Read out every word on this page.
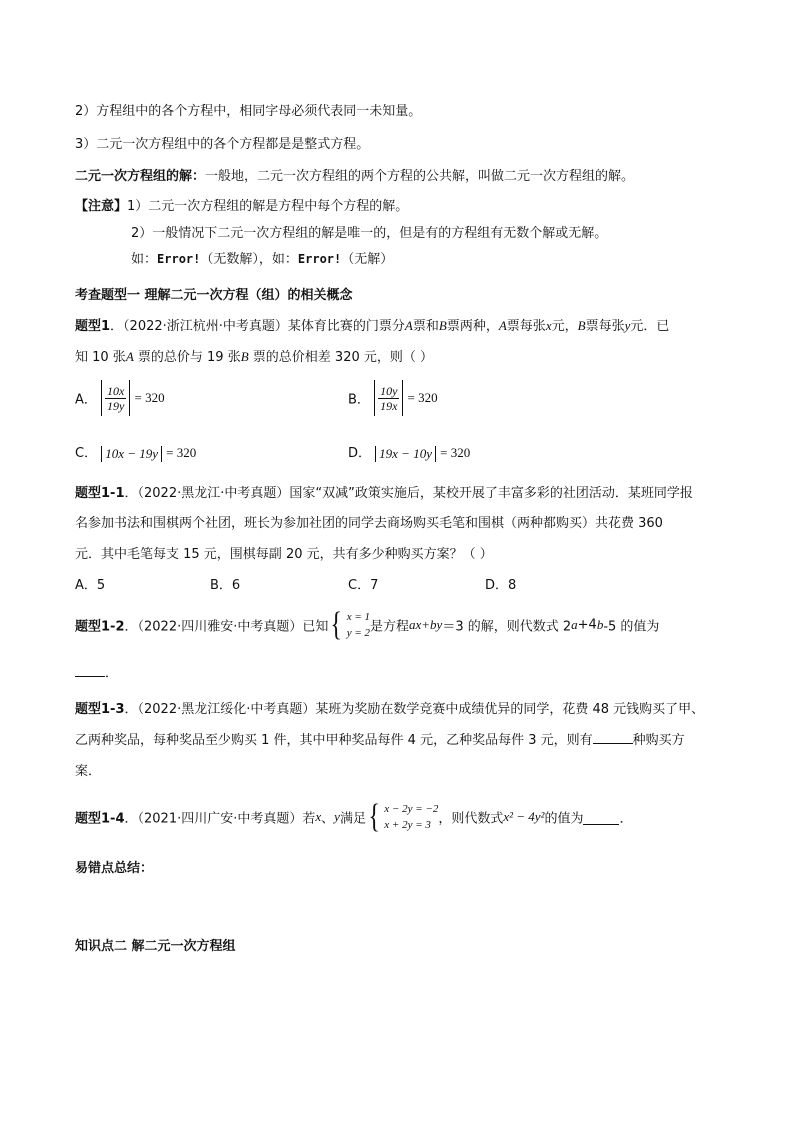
2）方程组中的各个方程中，相同字母必须代表同一未知量。
3）二元一次方程组中的各个方程都是是整式方程。
二元一次方程组的解：一般地，二元一次方程组的两个方程的公共解，叫做二元一次方程组的解。
【注意】1）二元一次方程组的解是方程中每个方程的解。
2）一般情况下二元一次方程组的解是唯一的，但是有的方程组有无数个解或无解。
如：Error!（无数解），如：Error!（无解）
考查题型一 理解二元一次方程（组）的相关概念
题型1．（2022·浙江杭州·中考真题）某体育比赛的门票分A票和B票两种，A票每张x元，B票每张y元．已
知 10 张A 票的总价与 19 张B 票的总价相差 320 元，则（ ）
A． $\frac{10x}{19y} = 320$	B． $\frac{10y}{19x} = 320$
C． 10x − 19y = 320	D． 19x − 10y = 320
题型1-1．（2022·黑龙江·中考真题）国家“双减”政策实施后，某校开展了丰富多彩的社团活动．某班同学报
名参加书法和围棋两个社团，班长为参加社团的同学去商场购买毛笔和围棋（两种都购买）共花费 360
元．其中毛笔每支 15 元，围棋每副 20 元，共有多少种购买方案？（ ）
A．5	B．6	C．7	D．8
题型1-2．（2022·四川雅安·中考真题）已知 { x = 1
y = 2 是方程ax+by＝3 的解，则代数式 2a+4b-5 的值为
．
题型1-3．（2022·黑龙江绥化·中考真题）某班为奖励在数学竞赛中成绩优异的同学，花费 48 元钱购买了甲、
乙两种奖品，每种奖品至少购买 1 件，其中甲种奖品每件 4 元，乙种奖品每件 3 元，则有	种购买方
案．
题型1-4．（2021·四川广安·中考真题）若x、y满足 { x − 2y = −2
x + 2y = 3 ，则代数式x² − 4y²的值为	．
易错点总结：
知识点二 解二元一次方程组
